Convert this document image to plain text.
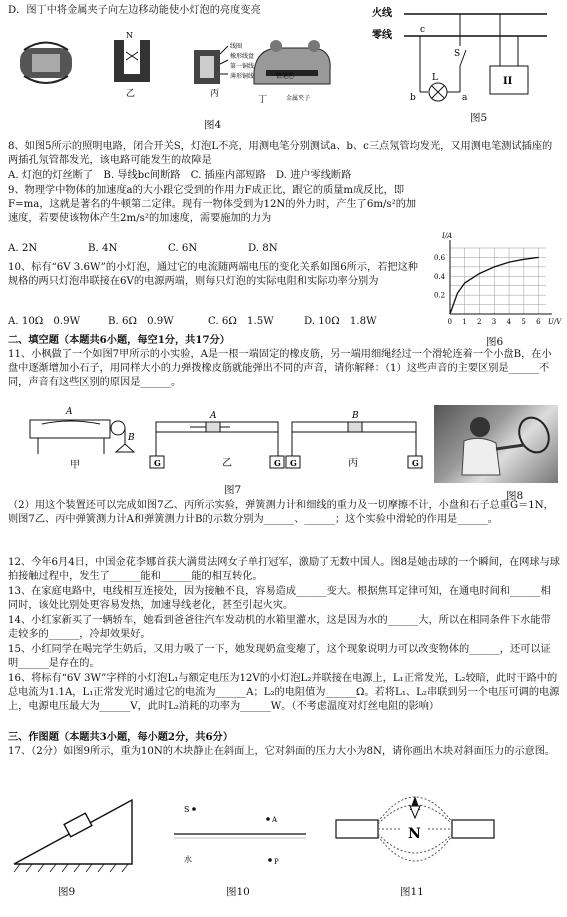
D．图丁中将金属夹子向左边移动能使小灯泡的亮度变亮
N
乙
线圈
橡形线盘
第一铜线
薄形铜线
丙
铅笔芯
金属夹子
丁
图4
火线
零线	c
S
L
b	a
II
图5
8、如图5所示的照明电路，闭合开关S，灯泡L不亮，用测电笔分别测试a、b、c三点氖管均发光，又用测电笔测试插座的两插孔氖管都发光，该电路可能发生的故障是
A. 灯泡的灯丝断了　B. 导线bc间断路　C. 插座内部短路　D. 进户零线断路
9、物理学中物体的加速度a的大小跟它受到的作用力F成正比，跟它的质量m成反比，即F=ma，这就是著名的牛顿第二定律。现有一物体受到为12N的外力时，产生了6m/s²的加速度，若要使该物体产生2m/s²的加速度，需要施加的力为
A. 2N	B. 4N	C. 6N	D. 8N
10、标有“6V 3.6W”的小灯泡，通过它的电流随两端电压的变化关系如图6所示，若把这种规格的两只灯泡串联接在6V的电源两端，则每只灯泡的实际电阻和实际功率分别为
A. 10Ω　0.9W	B. 6Ω　0.9W	C. 6Ω　1.5W	D. 10Ω　1.8W	0 1 2 3 4 5 6
0.2
0.4
0.6
I/A
U/V
图6
二、填空题（本题共6小题，每空1分，共17分）
11、小枫做了一个如图7甲所示的小实验，A是一根一端固定的橡皮筋，另一端用细绳经过一个滑轮连着一个小盘B，在小盘中逐渐增加小石子，用同样大小的力弹拨橡皮筋就能弹出不同的声音，请你解释：（1）这些声音的主要区别是______不同，声音有这些区别的原因是______。
A
B
甲	G	G
A
乙	G	G
B
丙
图7	图8
（2）用这个装置还可以完成如图7乙、丙所示实验，弹簧测力计和细线的重力及一切摩擦不计，小盘和石子总重G＝1N，则图7乙、丙中弹簧测力计A和弹簧测力计B的示数分别为______、______；这个实验中滑轮的作用是______。
12、今年6月4日，中国金花李娜首获大满贯法网女子单打冠军，激励了无数中国人。图8是她击球的一个瞬间，在网球与球拍接触过程中，发生了______能和______能的相互转化。
13、在家庭电路中，电线相互连接处，因为接触不良，容易造成______变大。根据焦耳定律可知，在通电时间和______相同时，该处比别处更容易发热，加速导线老化，甚至引起火灾。
14、小红家新买了一辆轿车，她看到爸爸往汽车发动机的水箱里灌水，这是因为水的______大，所以在相同条件下水能带走较多的______，冷却效果好。
15、小红同学在喝完学生奶后，又用力吸了一下，她发现奶盒变瘪了，这个现象说明力可以改变物体的______，还可以证明______是存在的。
16、将标有“6V 3W”字样的小灯泡L₁与额定电压为12V的小灯泡L₂并联接在电源上，L₁正常发光，L₂较暗，此时干路中的总电流为1.1A，L₁正常发光时通过它的电流为______A；L₂的电阻值为______Ω。若将L₁、L₂串联到另一个电压可调的电源上，电源电压最大为______V，此时L₂消耗的功率为______W。（不考虑温度对灯丝电阻的影响）
三、作图题（本题共3小题，每小题2分，共6分）
17、（2分）如图9所示，重为10N的木块静止在斜面上，它对斜面的压力大小为8N，请你画出木块对斜面压力的示意图。
图9
S
A
水	P
图10
N
图11
